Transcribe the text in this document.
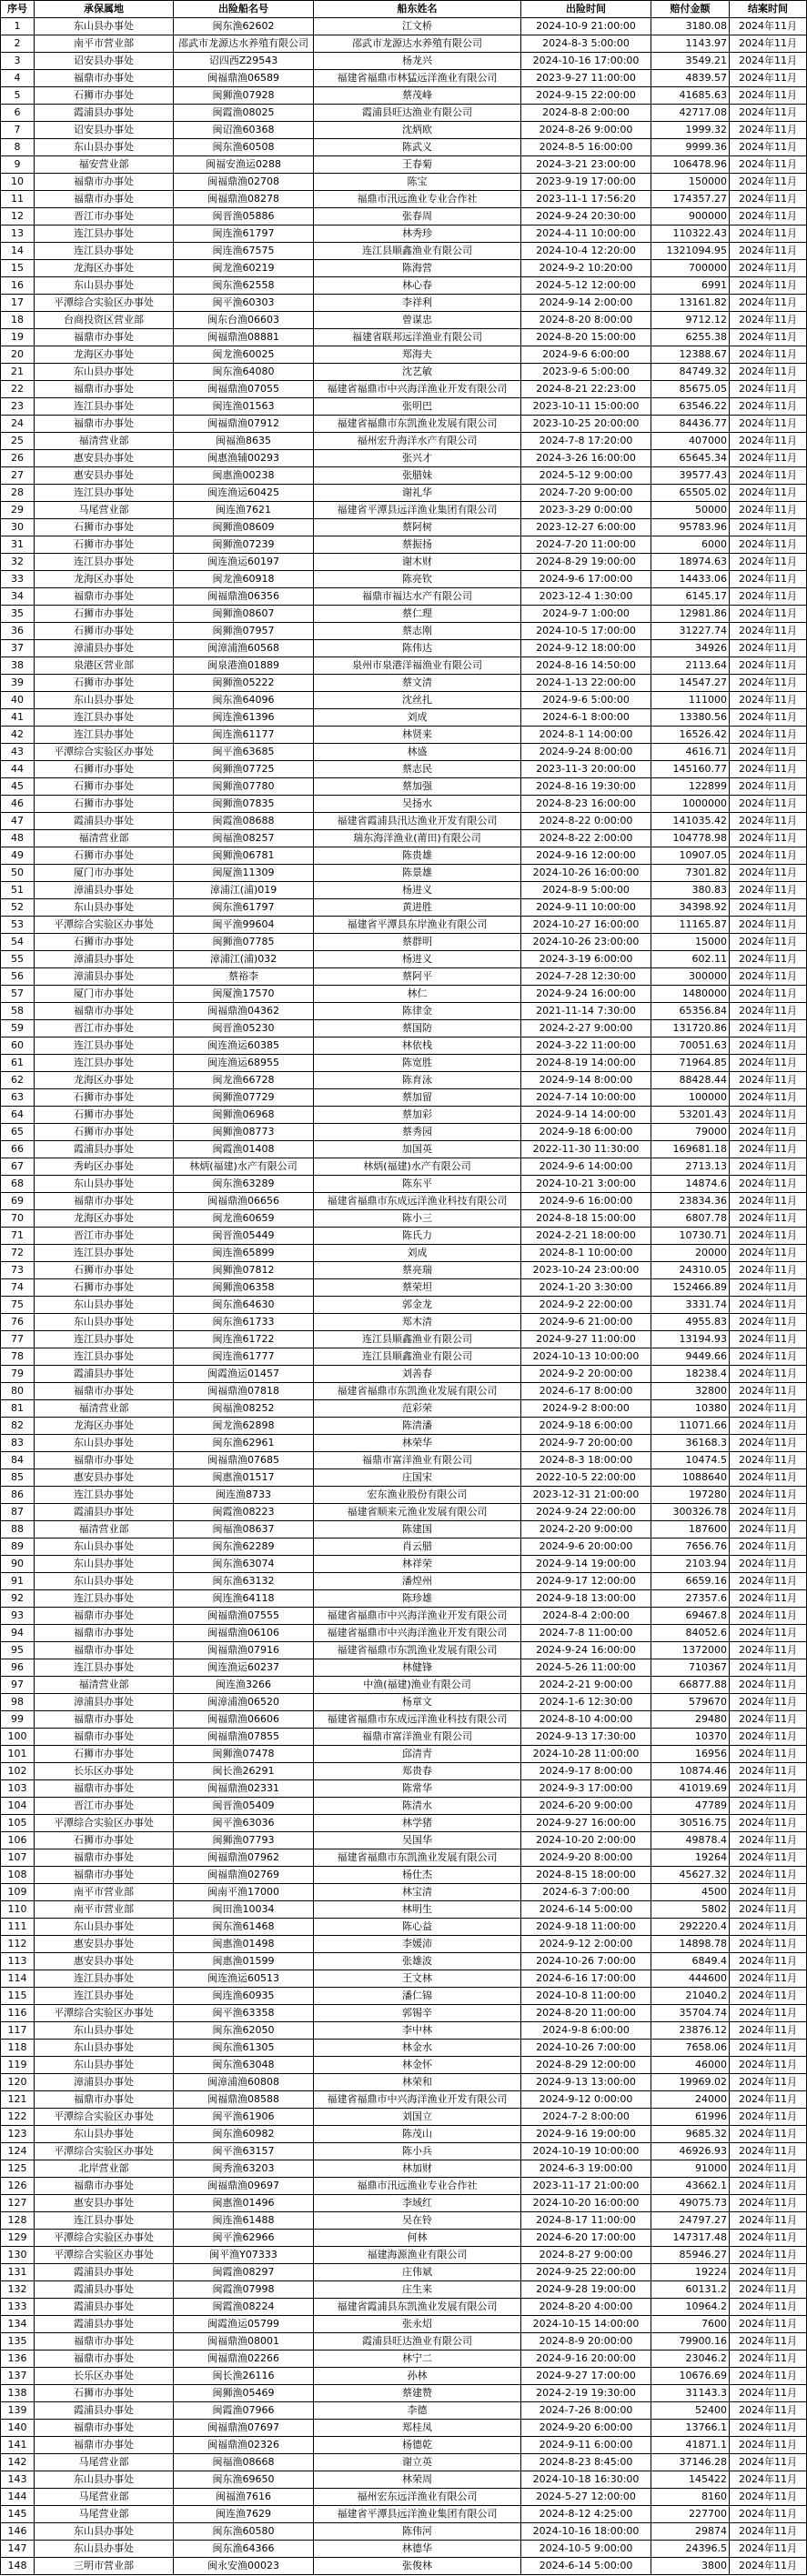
序号	承保属地	出险船名号	船东姓名	出险时间	赔付金额	结案时间
1	东山县办事处	闽东渔62602	江文桥	2024-10-9 21:00:00	3180.08	2024年11月
2	南平市营业部	邵武市龙源达水养殖有限公司	邵武市龙源达水养殖有限公司	2024-8-3 5:00:00	1143.97	2024年11月
3	诏安县办事处	诏四西Z29543	杨龙兴	2024-10-16 17:00:00	3549.21	2024年11月
4	福鼎市办事处	闽福鼎渔06589	福建省福鼎市林猛远洋渔业有限公司	2023-9-27 11:00:00	4839.57	2024年11月
5	石狮市办事处	闽狮渔07928	蔡茂峰	2024-9-15 22:00:00	41685.63	2024年11月
6	霞浦县办事处	闽霞渔08025	霞浦县旺达渔业有限公司	2024-8-8 2:00:00	42717.08	2024年11月
7	诏安县办事处	闽诏渔60368	沈炳欧	2024-8-26 9:00:00	1999.32	2024年11月
8	东山县办事处	闽东渔60508	陈武义	2024-8-5 16:00:00	9999.36	2024年11月
9	福安营业部	闽福安渔运0288	王春菊	2024-3-21 23:00:00	106478.96	2024年11月
10	福鼎市办事处	闽福鼎渔02708	陈宝	2023-9-19 17:00:00	150000	2024年11月
11	福鼎市办事处	闽福鼎渔08278	福鼎市汛远渔业专业合作社	2023-11-1 17:56:20	174357.27	2024年11月
12	晋江市办事处	闽晋渔05886	张春周	2024-9-24 20:30:00	900000	2024年11月
13	连江县办事处	闽连渔61797	林秀珍	2024-4-11 10:00:00	110322.43	2024年11月
14	连江县办事处	闽连渔67575	连江县顺鑫渔业有限公司	2024-10-4 12:20:00	1321094.95	2024年11月
15	龙海区办事处	闽龙渔60219	陈海营	2024-9-2 10:20:00	700000	2024年11月
16	东山县办事处	闽东渔62558	林心春	2024-5-12 12:00:00	6991	2024年11月
17	平潭综合实验区办事处	闽平渔60303	李祥利	2024-9-14 2:00:00	13161.82	2024年11月
18	台商投资区营业部	闽东台渔06603	曾谋忠	2024-8-20 8:00:00	9712.12	2024年11月
19	福鼎市办事处	闽福鼎渔08881	福建省联邦远洋渔业有限公司	2024-8-20 15:00:00	6255.38	2024年11月
20	龙海区办事处	闽龙渔60025	郑海夫	2024-9-6 6:00:00	12388.67	2024年11月
21	东山县办事处	闽东渔64080	沈艺敏	2023-9-6 5:00:00	84749.32	2024年11月
22	福鼎市办事处	闽福鼎渔07055	福建省福鼎市中兴海洋渔业开发有限公司	2024-8-21 22:23:00	85675.05	2024年11月
23	连江县办事处	闽连渔01563	张明巴	2023-10-11 15:00:00	63546.22	2024年11月
24	福鼎市办事处	闽福鼎渔07912	福建省福鼎市东凯渔业发展有限公司	2023-10-25 20:00:00	84436.77	2024年11月
25	福清营业部	闽福渔8635	福州宏升海洋水产有限公司	2024-7-8 17:20:00	407000	2024年11月
26	惠安县办事处	闽惠渔辅00293	张兴才	2024-3-26 16:00:00	65645.34	2024年11月
27	惠安县办事处	闽惠渔00238	张腊妹	2024-5-12 9:00:00	39577.43	2024年11月
28	连江县办事处	闽连渔运60425	谢礼华	2024-7-20 9:00:00	65505.02	2024年11月
29	马尾营业部	闽连渔7621	福建省平潭县远洋渔业集团有限公司	2023-3-29 0:00:00	50000	2024年11月
30	石狮市办事处	闽狮渔08609	蔡阿树	2023-12-27 6:00:00	95783.96	2024年11月
31	石狮市办事处	闽狮渔07239	蔡振扬	2024-7-20 11:00:00	6000	2024年11月
32	连江县办事处	闽连渔运60197	谢木财	2024-8-29 19:00:00	18974.63	2024年11月
33	龙海区办事处	闽龙渔60918	陈亮钦	2024-9-6 17:00:00	14433.06	2024年11月
34	福鼎市办事处	闽福鼎渔06356	福鼎市福达水产有限公司	2023-12-4 1:30:00	6145.17	2024年11月
35	石狮市办事处	闽狮渔08607	蔡仁理	2024-9-7 1:00:00	12981.86	2024年11月
36	石狮市办事处	闽狮渔07957	蔡志刚	2024-10-5 17:00:00	31227.74	2024年11月
37	漳浦县办事处	闽漳浦渔60568	陈伟达	2024-9-12 18:00:00	34926	2024年11月
38	泉港区营业部	闽泉港渔01889	泉州市泉港洋福渔业有限公司	2024-8-16 14:50:00	2113.64	2024年11月
39	石狮市办事处	闽狮渔05222	蔡文清	2024-1-13 22:00:00	14547.27	2024年11月
40	东山县办事处	闽东渔64096	沈丝扎	2024-9-6 5:00:00	111000	2024年11月
41	连江县办事处	闽连渔61396	刘成	2024-6-1 8:00:00	13380.56	2024年11月
42	连江县办事处	闽连渔61177	林贤来	2024-8-1 14:00:00	16526.42	2024年11月
43	平潭综合实验区办事处	闽平渔63685	林盛	2024-9-24 8:00:00	4616.71	2024年11月
44	石狮市办事处	闽狮渔07725	蔡志民	2023-11-3 20:00:00	145160.77	2024年11月
45	石狮市办事处	闽狮渔07780	蔡加强	2024-8-16 19:30:00	122899	2024年11月
46	石狮市办事处	闽狮渔07835	吴扬水	2024-8-23 16:00:00	1000000	2024年11月
47	霞浦县办事处	闽霞渔08688	福建省霞浦县汛达渔业开发有限公司	2024-8-22 0:00:00	141035.42	2024年11月
48	福清营业部	闽福渔08257	瑞东海洋渔业(莆田)有限公司	2024-8-22 2:00:00	104778.98	2024年11月
49	石狮市办事处	闽狮渔06781	陈贵雄	2024-9-16 12:00:00	10907.05	2024年11月
50	厦门市办事处	闽厦渔11309	陈景雄	2024-10-26 16:00:00	7301.82	2024年11月
51	漳浦县办事处	漳浦江(浦)019	杨进义	2024-8-9 5:00:00	380.83	2024年11月
52	东山县办事处	闽东渔61797	黄进胜	2024-9-11 10:00:00	34398.92	2024年11月
53	平潭综合实验区办事处	闽平渔99604	福建省平潭县东岸渔业有限公司	2024-10-27 16:00:00	11165.87	2024年11月
54	石狮市办事处	闽狮渔07785	蔡群明	2024-10-26 23:00:00	15000	2024年11月
55	漳浦县办事处	漳浦江(浦)032	杨进义	2024-3-19 6:00:00	602.11	2024年11月
56	漳浦县办事处	蔡裕李	蔡阿平	2024-7-28 12:30:00	300000	2024年11月
57	厦门市办事处	闽厦渔17570	林仁	2024-9-24 16:00:00	1480000	2024年11月
58	福鼎市办事处	闽福鼎渔04362	陈律金	2021-11-14 7:30:00	65356.84	2024年11月
59	晋江市办事处	闽晋渔05230	蔡国防	2024-2-27 9:00:00	131720.86	2024年11月
60	连江县办事处	闽连渔运60385	林依栈	2024-3-22 11:00:00	70051.63	2024年11月
61	连江县办事处	闽连渔运68955	陈宽胜	2024-8-19 14:00:00	71964.85	2024年11月
62	龙海区办事处	闽龙渔66728	陈育泳	2024-9-14 8:00:00	88428.44	2024年11月
63	石狮市办事处	闽狮渔07729	蔡加留	2024-7-14 10:00:00	100000	2024年11月
64	石狮市办事处	闽狮渔06968	蔡加彩	2024-9-14 14:00:00	53201.43	2024年11月
65	石狮市办事处	闽狮渔08773	蔡秀园	2024-9-18 6:00:00	79000	2024年11月
66	霞浦县办事处	闽霞渔01408	加国英	2022-11-30 11:30:00	169681.18	2024年11月
67	秀屿区办事处	林炳(福建)水产有限公司	林炳(福建)水产有限公司	2024-9-6 14:00:00	2713.13	2024年11月
68	东山县办事处	闽东渔63289	陈东平	2024-10-21 3:00:00	14874.6	2024年11月
69	福鼎市办事处	闽福鼎渔06656	福建省福鼎市东成远洋渔业科技有限公司	2024-9-6 16:00:00	23834.36	2024年11月
70	龙海区办事处	闽龙渔60659	陈小三	2024-8-18 15:00:00	6807.78	2024年11月
71	晋江市办事处	闽晋渔05449	陈氏力	2024-2-21 18:00:00	10730.71	2024年11月
72	连江县办事处	闽连渔65899	刘成	2024-8-1 10:00:00	20000	2024年11月
73	石狮市办事处	闽狮渔07812	蔡亮瑞	2023-10-24 23:00:00	24310.05	2024年11月
74	石狮市办事处	闽狮渔06358	蔡荣坦	2024-1-20 3:30:00	152466.89	2024年11月
75	东山县办事处	闽东渔64630	郭金龙	2024-9-2 22:00:00	3331.74	2024年11月
76	东山县办事处	闽东渔61733	郑木清	2024-9-6 21:00:00	4955.83	2024年11月
77	连江县办事处	闽连渔61722	连江县顺鑫渔业有限公司	2024-9-27 11:00:00	13194.93	2024年11月
78	连江县办事处	闽连渔61777	连江县顺鑫渔业有限公司	2024-10-13 10:00:00	9449.66	2024年11月
79	霞浦县办事处	闽霞渔运01457	刘善春	2024-9-2 20:00:00	18238.4	2024年11月
80	福鼎市办事处	闽福鼎渔07818	福建省福鼎市东凯渔业发展有限公司	2024-6-17 8:00:00	32800	2024年11月
81	福清营业部	闽福渔08252	范彩荣	2024-9-2 8:00:00	10380	2024年11月
82	龙海区办事处	闽龙渔62898	陈清潘	2024-9-18 6:00:00	11071.66	2024年11月
83	东山县办事处	闽东渔62961	林荣华	2024-9-7 20:00:00	36168.3	2024年11月
84	福鼎市办事处	闽福鼎渔07685	福鼎市富洋渔业有限公司	2024-8-3 18:00:00	10474.5	2024年11月
85	惠安县办事处	闽惠渔01517	庄国宋	2022-10-5 22:00:00	1088640	2024年11月
86	连江县办事处	闽连渔8733	宏东渔业股份有限公司	2023-12-31 21:00:00	197280	2024年11月
87	霞浦县办事处	闽霞渔08223	福建省顺来元渔业发展有限公司	2024-9-24 22:00:00	300326.78	2024年11月
88	福清营业部	闽福渔08637	陈建国	2024-2-20 9:00:00	187600	2024年11月
89	东山县办事处	闽东渔62289	肖云腊	2024-9-6 20:00:00	7656.76	2024年11月
90	东山县办事处	闽东渔63074	林祥荣	2024-9-14 19:00:00	2103.94	2024年11月
91	东山县办事处	闽东渔63132	潘煌州	2024-9-17 12:00:00	6659.16	2024年11月
92	连江县办事处	闽连渔64118	陈珍雄	2024-9-18 13:00:00	27357.6	2024年11月
93	福鼎市办事处	闽福鼎渔07555	福建省福鼎市中兴海洋渔业开发有限公司	2024-8-4 2:00:00	69467.8	2024年11月
94	福鼎市办事处	闽福鼎渔06106	福建省福鼎市中兴海洋渔业开发有限公司	2024-7-8 11:00:00	84052.6	2024年11月
95	福鼎市办事处	闽福鼎渔07916	福建省福鼎市东凯渔业发展有限公司	2024-9-24 16:00:00	1372000	2024年11月
96	连江县办事处	闽连渔运60237	林健锋	2024-5-26 11:00:00	710367	2024年11月
97	福清营业部	闽连渔3266	中渔(福建)渔业有限公司	2024-2-21 9:00:00	66877.88	2024年11月
98	漳浦县办事处	闽漳浦渔06520	杨章文	2024-1-6 12:30:00	579670	2024年11月
99	福鼎市办事处	闽福鼎渔06606	福建省福鼎市东成远洋渔业科技有限公司	2024-8-10 4:00:00	29480	2024年11月
100	福鼎市办事处	闽福鼎渔07855	福鼎市富洋渔业有限公司	2024-9-13 17:30:00	10370	2024年11月
101	石狮市办事处	闽狮渔07478	邱清青	2024-10-28 11:00:00	16956	2024年11月
102	长乐区办事处	闽长渔26291	郑贵春	2024-9-17 8:00:00	10874.46	2024年11月
103	福鼎市办事处	闽福鼎渔02331	陈常华	2024-9-3 17:00:00	41019.69	2024年11月
104	晋江市办事处	闽晋渔05409	陈清水	2024-6-20 9:00:00	47789	2024年11月
105	平潭综合实验区办事处	闽平渔63036	林学猪	2024-9-27 16:00:00	30516.75	2024年11月
106	石狮市办事处	闽狮渔07793	吴国华	2024-10-20 2:00:00	49878.4	2024年11月
107	福鼎市办事处	闽福鼎渔07962	福建省福鼎市东凯渔业发展有限公司	2024-9-20 8:00:00	19264	2024年11月
108	福鼎市办事处	闽福鼎渔02769	杨仕杰	2024-8-15 18:00:00	45627.32	2024年11月
109	南平市营业部	闽南平渔17000	林宝清	2024-6-3 7:00:00	4500	2024年11月
110	南平市营业部	闽田渔10034	林明生	2024-6-14 5:00:00	5802	2024年11月
111	东山县办事处	闽东渔61468	陈心益	2024-9-18 11:00:00	292220.4	2024年11月
112	惠安县办事处	闽惠渔01498	李媛沛	2024-9-12 2:00:00	14898.78	2024年11月
113	惠安县办事处	闽惠渔01599	张雄波	2024-10-26 7:00:00	6849.4	2024年11月
114	连江县办事处	闽连渔运60513	王文林	2024-6-16 17:00:00	444600	2024年11月
115	连江县办事处	闽连渔60935	潘仁锦	2024-10-8 11:00:00	21040.2	2024年11月
116	平潭综合实验区办事处	闽平渔63358	郭锡辛	2024-8-20 11:00:00	35704.74	2024年11月
117	东山县办事处	闽东渔62050	李中林	2024-9-8 6:00:00	23876.12	2024年11月
118	东山县办事处	闽东渔61305	林金水	2024-10-26 7:00:00	7658.06	2024年11月
119	东山县办事处	闽东渔63048	林金怀	2024-8-29 12:00:00	46000	2024年11月
120	漳浦县办事处	闽漳浦渔60808	林荣和	2024-9-13 13:00:00	19969.02	2024年11月
121	福鼎市办事处	闽福鼎渔08588	福建省福鼎市中兴海洋渔业开发有限公司	2024-9-12 0:00:00	24000	2024年11月
122	平潭综合实验区办事处	闽平渔61906	刘国立	2024-7-2 8:00:00	61996	2024年11月
123	东山县办事处	闽东渔60982	陈茂山	2024-9-16 19:00:00	9685.32	2024年11月
124	平潭综合实验区办事处	闽平渔63157	陈小兵	2024-10-19 10:00:00	46926.93	2024年11月
125	北岸营业部	闽秀渔63203	林加财	2024-6-3 19:00:00	91000	2024年11月
126	福鼎市办事处	闽福鼎渔09697	福鼎市汛远渔业专业合作社	2023-11-17 21:00:00	43662.1	2024年11月
127	惠安县办事处	闽惠渔01496	李域红	2024-10-20 16:00:00	49075.73	2024年11月
128	连江县办事处	闽连渔61488	吴在铃	2024-8-17 11:00:00	24797.27	2024年11月
129	平潭综合实验区办事处	闽平渔62966	何林	2024-6-20 17:00:00	147317.48	2024年11月
130	平潭综合实验区办事处	闽平渔Y07333	福建海源渔业有限公司	2024-8-27 9:00:00	85946.27	2024年11月
131	霞浦县办事处	闽霞渔08297	庄伟斌	2024-9-25 22:00:00	19224	2024年11月
132	霞浦县办事处	闽霞渔07998	庄生来	2024-9-28 19:00:00	60131.2	2024年11月
133	霞浦县办事处	闽霞渔08224	福建省霞浦县东凯渔业发展有限公司	2024-8-20 4:00:00	10964.2	2024年11月
134	霞浦县办事处	闽霞渔运05799	张永炤	2024-10-15 14:00:00	7600	2024年11月
135	福鼎市办事处	闽福鼎渔08001	霞浦县旺达渔业有限公司	2024-8-9 20:00:00	79900.16	2024年11月
136	福鼎市办事处	闽福鼎渔02266	林宁二	2024-9-16 20:00:00	23046.2	2024年11月
137	长乐区办事处	闽长渔26116	孙林	2024-9-27 17:00:00	10676.69	2024年11月
138	石狮市办事处	闽狮渔05469	蔡建赞	2024-2-19 19:30:00	31143.3	2024年11月
139	霞浦县办事处	闽霞渔07966	李德	2024-7-26 8:00:00	52400	2024年11月
140	福鼎市办事处	闽福鼎渔07697	郑桂凤	2024-9-20 6:00:00	13766.1	2024年11月
141	福鼎市办事处	闽福鼎渔02326	杨德乾	2024-9-11 6:00:00	41871.1	2024年11月
142	马尾营业部	闽福渔08668	谢立英	2024-8-23 8:45:00	37146.28	2024年11月
143	东山县办事处	闽东渔69650	林荣周	2024-10-18 16:30:00	145422	2024年11月
144	马尾营业部	闽福渔7616	福州宏东远洋渔业有限公司	2024-5-27 12:00:00	8160	2024年11月
145	马尾营业部	闽连渔7629	福建省平潭县远洋渔业集团有限公司	2024-8-12 4:25:00	227700	2024年11月
146	东山县办事处	闽东渔60580	陈伟河	2024-10-16 18:00:00	29874	2024年11月
147	东山县办事处	闽东渔64366	林德华	2024-10-5 9:00:00	24396.5	2024年11月
148	三明市营业部	闽永安渔00023	张俊林	2024-6-14 5:00:00	3800	2024年11月
